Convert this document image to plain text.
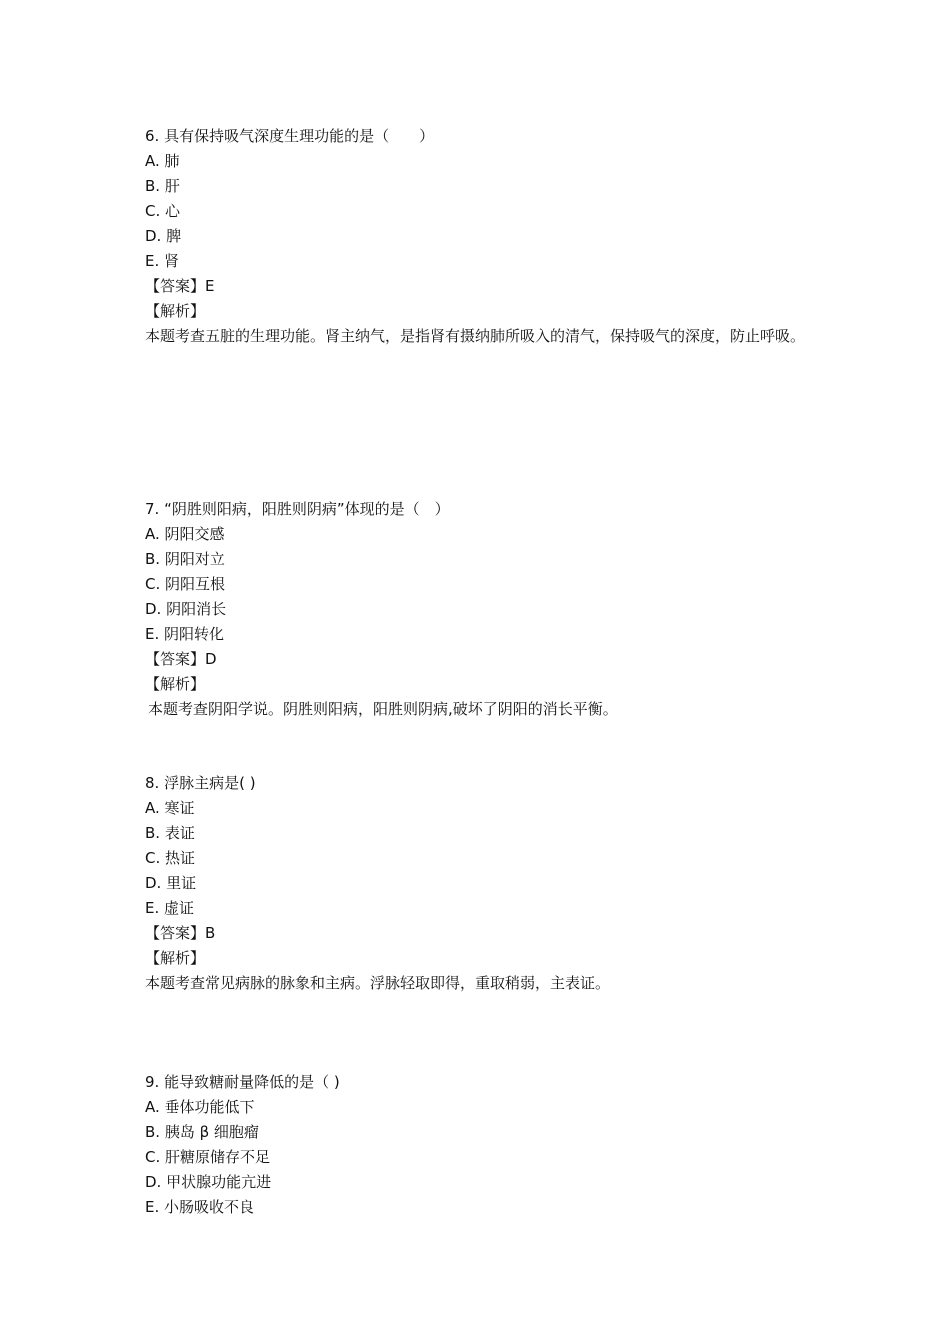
6. 具有保持吸气深度生理功能的是（　　）
A. 肺
B. 肝
C. 心
D. 脾
E. 肾
【答案】E
【解析】
本题考查五脏的生理功能。肾主纳气，是指肾有摄纳肺所吸入的清气，保持吸气的深度，防止呼吸。
7. “阴胜则阳病，阳胜则阴病”体现的是（　）
A. 阴阳交感
B. 阴阳对立
C. 阴阳互根
D. 阴阳消长
E. 阴阳转化
【答案】D
【解析】
本题考查阴阳学说。阴胜则阳病，阳胜则阴病,破坏了阴阳的消长平衡。
8. 浮脉主病是( )
A. 寒证
B. 表证
C. 热证
D. 里证
E. 虚证
【答案】B
【解析】
本题考查常见病脉的脉象和主病。浮脉轻取即得，重取稍弱，主表证。
9. 能导致糖耐量降低的是（ )
A. 垂体功能低下
B. 胰岛 β 细胞瘤
C. 肝糖原储存不足
D. 甲状腺功能亢进
E. 小肠吸收不良
